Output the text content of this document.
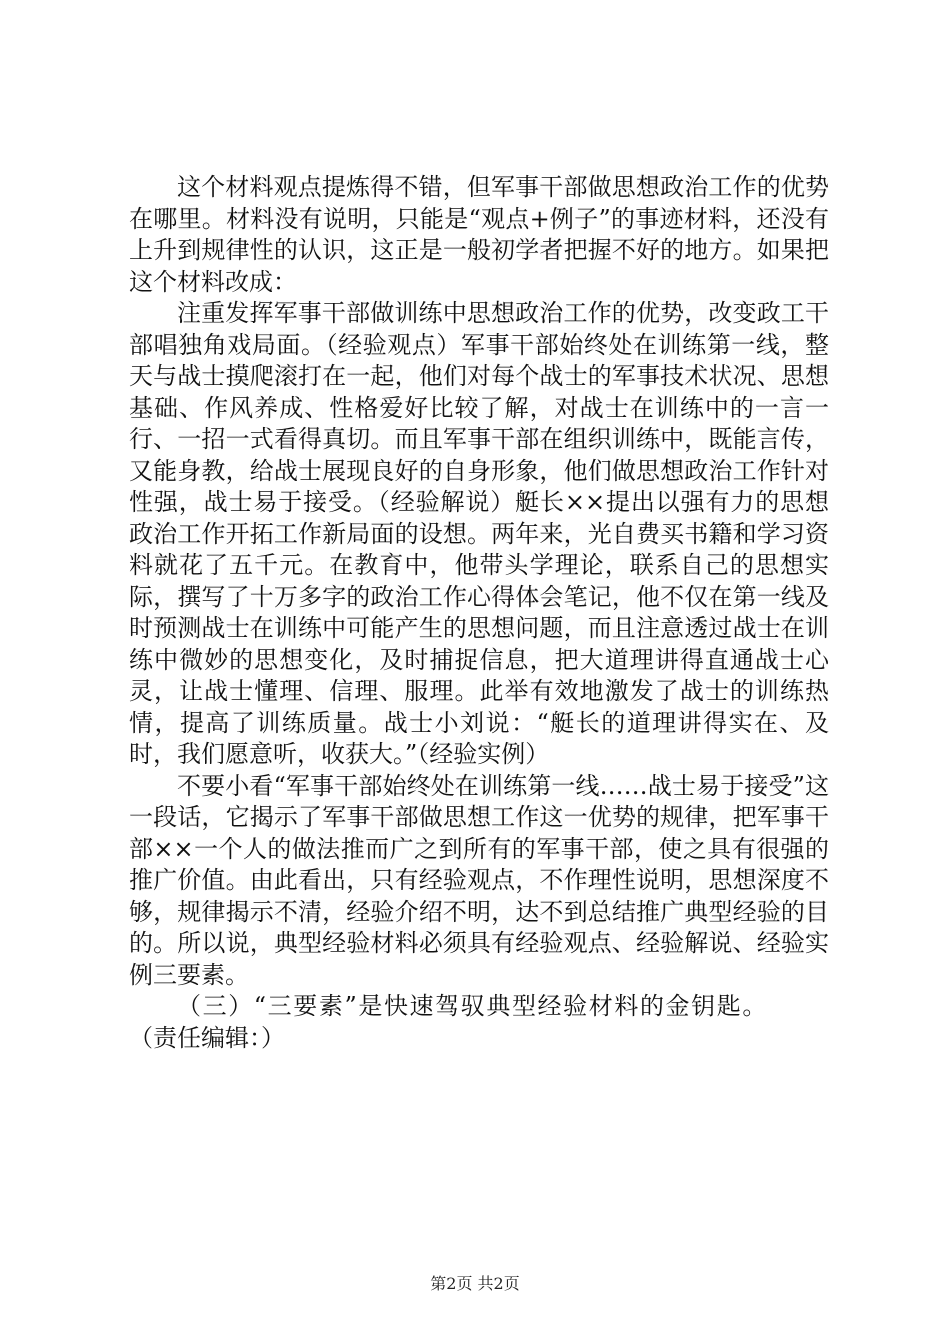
这个材料观点提炼得不错，但军事干部做思想政治工作的优势在哪里。材料没有说明，只能是“观点+例子”的事迹材料，还没有上升到规律性的认识，这正是一般初学者把握不好的地方。如果把这个材料改成：

注重发挥军事干部做训练中思想政治工作的优势，改变政工干部唱独角戏局面。（经验观点）军事干部始终处在训练第一线，整天与战士摸爬滚打在一起，他们对每个战士的军事技术状况、思想基础、作风养成、性格爱好比较了解，对战士在训练中的一言一行、一招一式看得真切。而且军事干部在组织训练中，既能言传，又能身教，给战士展现良好的自身形象，他们做思想政治工作针对性强，战士易于接受。（经验解说）艇长××提出以强有力的思想政治工作开拓工作新局面的设想。两年来，光自费买书籍和学习资料就花了五千元。在教育中，他带头学理论，联系自己的思想实际，撰写了十万多字的政治工作心得体会笔记，他不仅在第一线及时预测战士在训练中可能产生的思想问题，而且注意透过战士在训练中微妙的思想变化，及时捕捉信息，把大道理讲得直通战士心灵，让战士懂理、信理、服理。此举有效地激发了战士的训练热情，提高了训练质量。战士小刘说：“艇长的道理讲得实在、及时，我们愿意听，收获大。”（经验实例）

不要小看“军事干部始终处在训练第一线……战士易于接受”这一段话，它揭示了军事干部做思想工作这一优势的规律，把军事干部××一个人的做法推而广之到所有的军事干部，使之具有很强的推广价值。由此看出，只有经验观点，不作理性说明，思想深度不够，规律揭示不清，经验介绍不明，达不到总结推广典型经验的目的。所以说，典型经验材料必须具有经验观点、经验解说、经验实例三要素。

（三）“三要素”是快速驾驭典型经验材料的金钥匙。

（责任编辑：）

第2页 共2页
